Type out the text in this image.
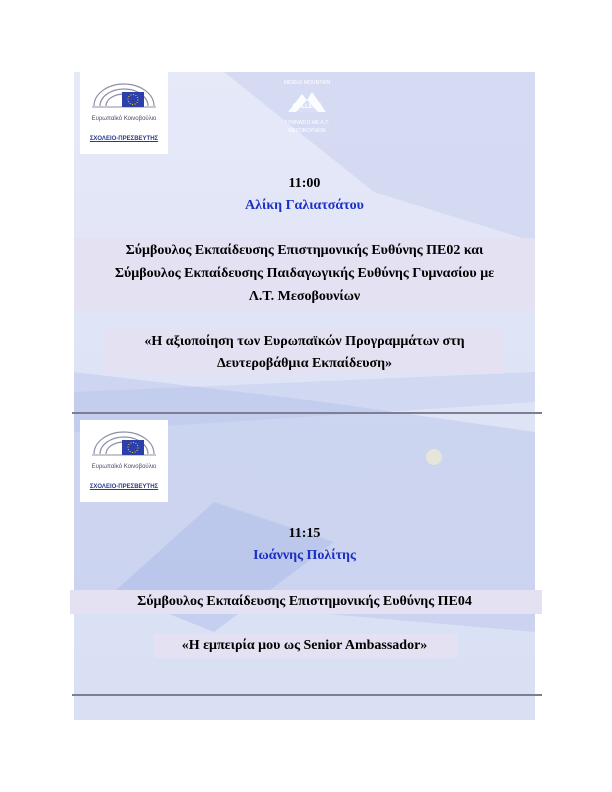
Ευρωπαϊκό Κοινοβούλιο
ΣΧΟΛΕΙΟ-ΠΡΕΣΒΕΥΤΗΣ
MIDDLE MOUNTAIN
COLLEGE
ΓΥΜΝΑΣΙΟ ΜΕ Λ.Τ.
ΜΕΣΟΒΟΥΝΙΩΝ
11:00
Αλίκη Γαλιατσάτου
Σύμβουλος Εκπαίδευσης Επιστημονικής Ευθύνης ΠΕ02 και
Σύμβουλος Εκπαίδευσης Παιδαγωγικής Ευθύνης Γυμνασίου με
Λ.Τ. Μεσοβουνίων
«Η αξιοποίηση των Ευρωπαϊκών Προγραμμάτων στη
Δευτεροβάθμια Εκπαίδευση»
Ευρωπαϊκό Κοινοβούλιο
ΣΧΟΛΕΙΟ-ΠΡΕΣΒΕΥΤΗΣ
11:15
Ιωάννης Πολίτης
Σύμβουλος Εκπαίδευσης Επιστημονικής Ευθύνης ΠΕ04
«Η εμπειρία μου ως Senior Ambassador»
